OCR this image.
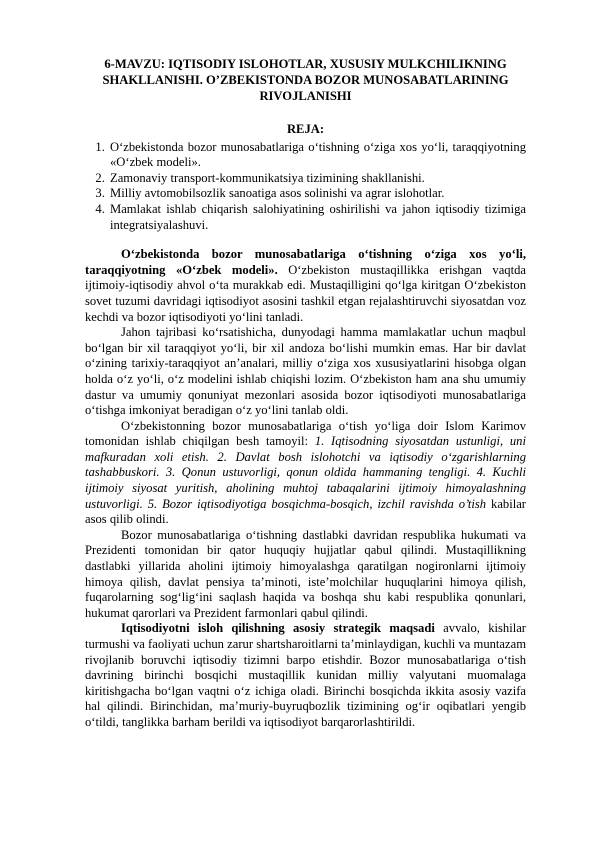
6-MAVZU: IQTISODIY ISLOHOTLAR, XUSUSIY MULKCHILIKNING SHAKLLANISHI. O’ZBEKISTONDA BOZOR MUNOSABATLARINING RIVOJLANISHI
REJA:
1. O‘zbekistonda bozor munosabatlariga o‘tishning o‘ziga xos yo‘li, taraqqiyotning «O‘zbek modeli».
2. Zamonaviy transport-kommunikatsiya tizimining shakllanishi.
3. Milliy avtomobilsozlik sanoatiga asos solinishi va agrar islohotlar.
4. Mamlakat ishlab chiqarish salohiyatining oshirilishi va jahon iqtisodiy tizimiga integratsiyalashuvi.

O‘zbekistonda bozor munosabatlariga o‘tishning o‘ziga xos yo‘li, taraqqiyotning «O‘zbek modeli». O‘zbekiston mustaqillikka erishgan vaqtda ijtimoiy-iqtisodiy ahvol o‘ta murakkab edi. Mustaqilligini qo‘lga kiritgan O‘zbekiston sovet tuzumi davridagi iqtisodiyot asosini tashkil etgan rejalashtiruvchi siyosatdan voz kechdi va bozor iqtisodiyoti yo‘lini tanladi.

Jahon tajribasi ko‘rsatishicha, dunyodagi hamma mamlakatlar uchun maqbul bo‘lgan bir xil taraqqiyot yo‘li, bir xil andoza bo‘lishi mumkin emas. Har bir davlat o‘zining tarixiy-taraqqiyot an’analari, milliy o‘ziga xos xususiyatlarini hisobga olgan holda o‘z yo‘li, o‘z modelini ishlab chiqishi lozim. O‘zbekiston ham ana shu umumiy dastur va umumiy qonuniyat mezonlari asosida bozor iqtisodiyoti munosabatlariga o‘tishga imkoniyat beradigan o‘z yo‘lini tanlab oldi.

O‘zbekistonning bozor munosabatlariga o‘tish yo‘liga doir Islom Karimov tomonidan ishlab chiqilgan besh tamoyil: 1. Iqtisodning siyosatdan ustunligi, uni mafkuradan xoli etish. 2. Davlat bosh islohotchi va iqtisodiy o‘zgarishlarning tashabbuskori. 3. Qonun ustuvorligi, qonun oldida hammaning tengligi. 4. Kuchli ijtimoiy siyosat yuritish, aholining muhtoj tabaqalarini ijtimoiy himoyalashning ustuvorligi. 5. Bozor iqtisodiyotiga bosqichma-bosqich, izchil ravishda o’tish kabilar asos qilib olindi.

Bozor munosabatlariga o‘tishning dastlabki davridan respublika hukumati va Prezidenti tomonidan bir qator huquqiy hujjatlar qabul qilindi. Mustaqillikning dastlabki yillarida aholini ijtimoiy himoyalashga qaratilgan nogironlarni ijtimoiy himoya qilish, davlat pensiya ta’minoti, iste’molchilar huquqlarini himoya qilish, fuqarolarning sog‘lig‘ini saqlash haqida va boshqa shu kabi respublika qonunlari, hukumat qarorlari va Prezident farmonlari qabul qilindi.

Iqtisodiyotni isloh qilishning asosiy strategik maqsadi avvalo, kishilar turmushi va faoliyati uchun zarur shartsharoitlarni ta’minlaydigan, kuchli va muntazam rivojlanib boruvchi iqtisodiy tizimni barpo etishdir. Bozor munosabatlariga o‘tish davrining birinchi bosqichi mustaqillik kunidan milliy valyutani muomalaga kiritishgacha bo‘lgan vaqtni o‘z ichiga oladi. Birinchi bosqichda ikkita asosiy vazifa hal qilindi. Birinchidan, ma’muriy-buyruqbozlik tizimining og‘ir oqibatlari yengib o‘tildi, tanglikka barham berildi va iqtisodiyot barqarorlashtirildi.
